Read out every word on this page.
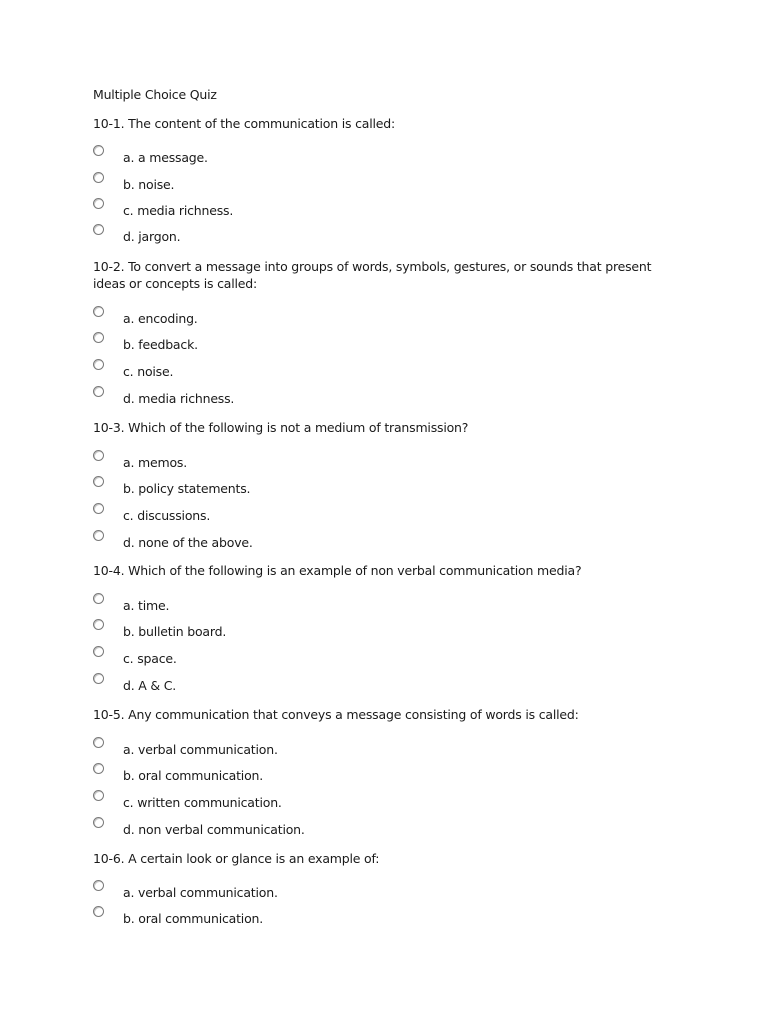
Multiple Choice Quiz
10-1. The content of the communication is called:
a. a message.
b. noise.
c. media richness.
d. jargon.
10-2. To convert a message into groups of words, symbols, gestures, or sounds that present ideas or concepts is called:
a. encoding.
b. feedback.
c. noise.
d. media richness.
10-3. Which of the following is not a medium of transmission?
a. memos.
b. policy statements.
c. discussions.
d. none of the above.
10-4. Which of the following is an example of non verbal communication media?
a. time.
b. bulletin board.
c. space.
d. A & C.
10-5. Any communication that conveys a message consisting of words is called:
a. verbal communication.
b. oral communication.
c. written communication.
d. non verbal communication.
10-6. A certain look or glance is an example of:
a. verbal communication.
b. oral communication.
